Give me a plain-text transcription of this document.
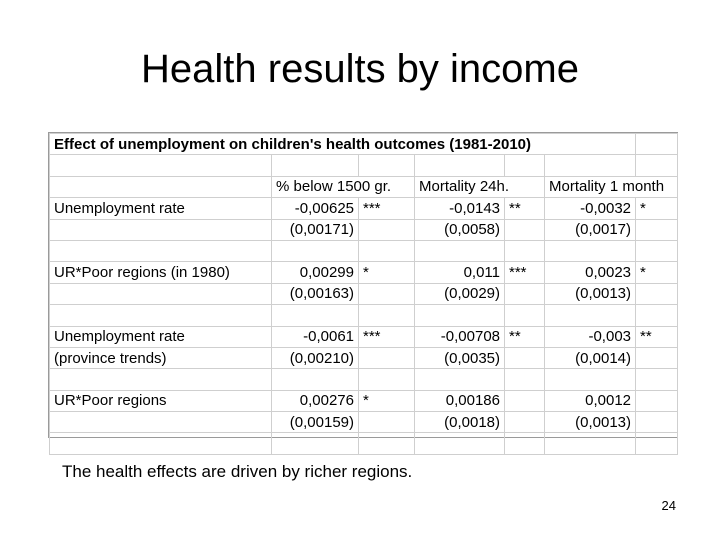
Health results by income
Effect of unemployment on children's health outcomes (1981-2010)						

	% below 1500 gr.		Mortality 24h.		Mortality 1 month	
Unemployment rate	-0,00625	***	-0,0143	**	-0,0032	*
	(0,00171)		(0,0058)		(0,0017)	

UR*Poor regions (in 1980)	0,00299	*	0,011	***	0,0023	*
	(0,00163)		(0,0029)		(0,0013)	

Unemployment rate	-0,0061	***	-0,00708	**	-0,003	**
(province trends)	(0,00210)		(0,0035)		(0,0014)	

UR*Poor regions	0,00276	*	0,00186		0,0012	
	(0,00159)		(0,0018)		(0,0013)	

The health effects are driven by richer regions.
24
